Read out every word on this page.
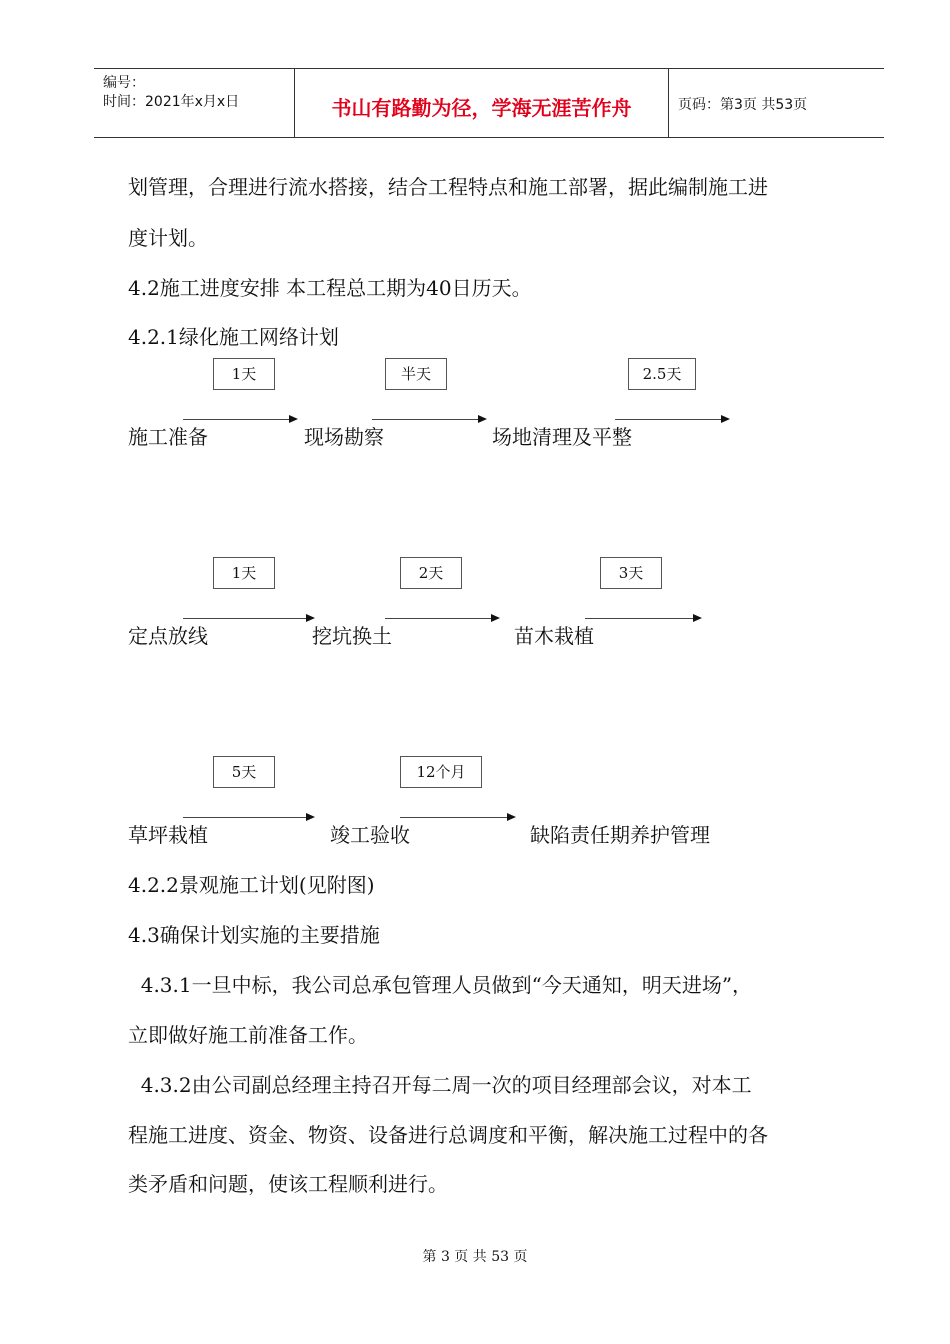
编号：
时间：2021年x月x日	书山有路勤为径，学海无涯苦作舟	页码：第3页 共53页
划管理，合理进行流水搭接，结合工程特点和施工部署，据此编制施工进
度计划。
4.2施工进度安排 本工程总工期为40日历天。
4.2.1绿化施工网络计划
1天	半天	2.5天
施工准备	现场勘察	场地清理及平整
1天	2天	3天
定点放线	挖坑换土	苗木栽植
5天	12个月
草坪栽植	竣工验收	缺陷责任期养护管理
4.2.2景观施工计划(见附图)
4.3确保计划实施的主要措施
4.3.1一旦中标，我公司总承包管理人员做到“今天通知，明天进场”，
立即做好施工前准备工作。
4.3.2由公司副总经理主持召开每二周一次的项目经理部会议，对本工
程施工进度、资金、物资、设备进行总调度和平衡，解决施工过程中的各
类矛盾和问题，使该工程顺利进行。
第 3 页 共 53 页
